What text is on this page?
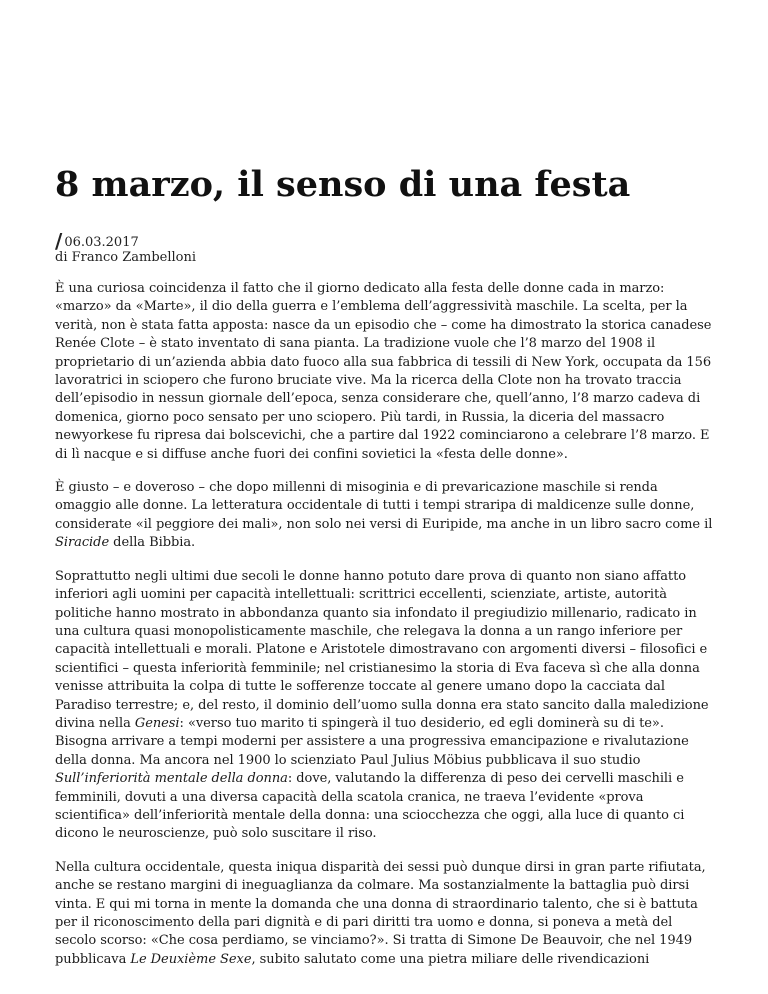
8 marzo, il senso di una festa
/ 06.03.2017
di Franco Zambelloni

È una curiosa coincidenza il fatto che il giorno dedicato alla festa delle donne cada in marzo: «marzo» da «Marte», il dio della guerra e l’emblema dell’aggressività maschile. La scelta, per la verità, non è stata fatta apposta: nasce da un episodio che – come ha dimostrato la storica canadese Renée Clote – è stato inventato di sana pianta. La tradizione vuole che l’8 marzo del 1908 il proprietario di un’azienda abbia dato fuoco alla sua fabbrica di tessili di New York, occupata da 156 lavoratrici in sciopero che furono bruciate vive. Ma la ricerca della Clote non ha trovato traccia dell’episodio in nessun giornale dell’epoca, senza considerare che, quell’anno, l’8 marzo cadeva di domenica, giorno poco sensato per uno sciopero. Più tardi, in Russia, la diceria del massacro newyorkese fu ripresa dai bolscevichi, che a partire dal 1922 cominciarono a celebrare l’8 marzo. E di lì nacque e si diffuse anche fuori dei confini sovietici la «festa delle donne».

È giusto – e doveroso – che dopo millenni di misoginia e di prevaricazione maschile si renda omaggio alle donne. La letteratura occidentale di tutti i tempi straripa di maldicenze sulle donne, considerate «il peggiore dei mali», non solo nei versi di Euripide, ma anche in un libro sacro come il Siracide della Bibbia.

Soprattutto negli ultimi due secoli le donne hanno potuto dare prova di quanto non siano affatto inferiori agli uomini per capacità intellettuali: scrittrici eccellenti, scienziate, artiste, autorità politiche hanno mostrato in abbondanza quanto sia infondato il pregiudizio millenario, radicato in una cultura quasi monopolisticamente maschile, che relegava la donna a un rango inferiore per capacità intellettuali e morali. Platone e Aristotele dimostravano con argomenti diversi – filosofici e scientifici – questa inferiorità femminile; nel cristianesimo la storia di Eva faceva sì che alla donna venisse attribuita la colpa di tutte le sofferenze toccate al genere umano dopo la cacciata dal Paradiso terrestre; e, del resto, il dominio dell’uomo sulla donna era stato sancito dalla maledizione divina nella Genesi: «verso tuo marito ti spingerà il tuo desiderio, ed egli dominerà su di te». Bisogna arrivare a tempi moderni per assistere a una progressiva emancipazione e rivalutazione della donna. Ma ancora nel 1900 lo scienziato Paul Julius Möbius pubblicava il suo studio Sull’inferiorità mentale della donna: dove, valutando la differenza di peso dei cervelli maschili e femminili, dovuti a una diversa capacità della scatola cranica, ne traeva l’evidente «prova scientifica» dell’inferiorità mentale della donna: una sciocchezza che oggi, alla luce di quanto ci dicono le neuroscienze, può solo suscitare il riso.

Nella cultura occidentale, questa iniqua disparità dei sessi può dunque dirsi in gran parte rifiutata, anche se restano margini di ineguaglianza da colmare. Ma sostanzialmente la battaglia può dirsi vinta. E qui mi torna in mente la domanda che una donna di straordinario talento, che si è battuta per il riconoscimento della pari dignità e di pari diritti tra uomo e donna, si poneva a metà del secolo scorso: «Che cosa perdiamo, se vinciamo?». Si tratta di Simone De Beauvoir, che nel 1949 pubblicava Le Deuxième Sexe, subito salutato come una pietra miliare delle rivendicazioni
